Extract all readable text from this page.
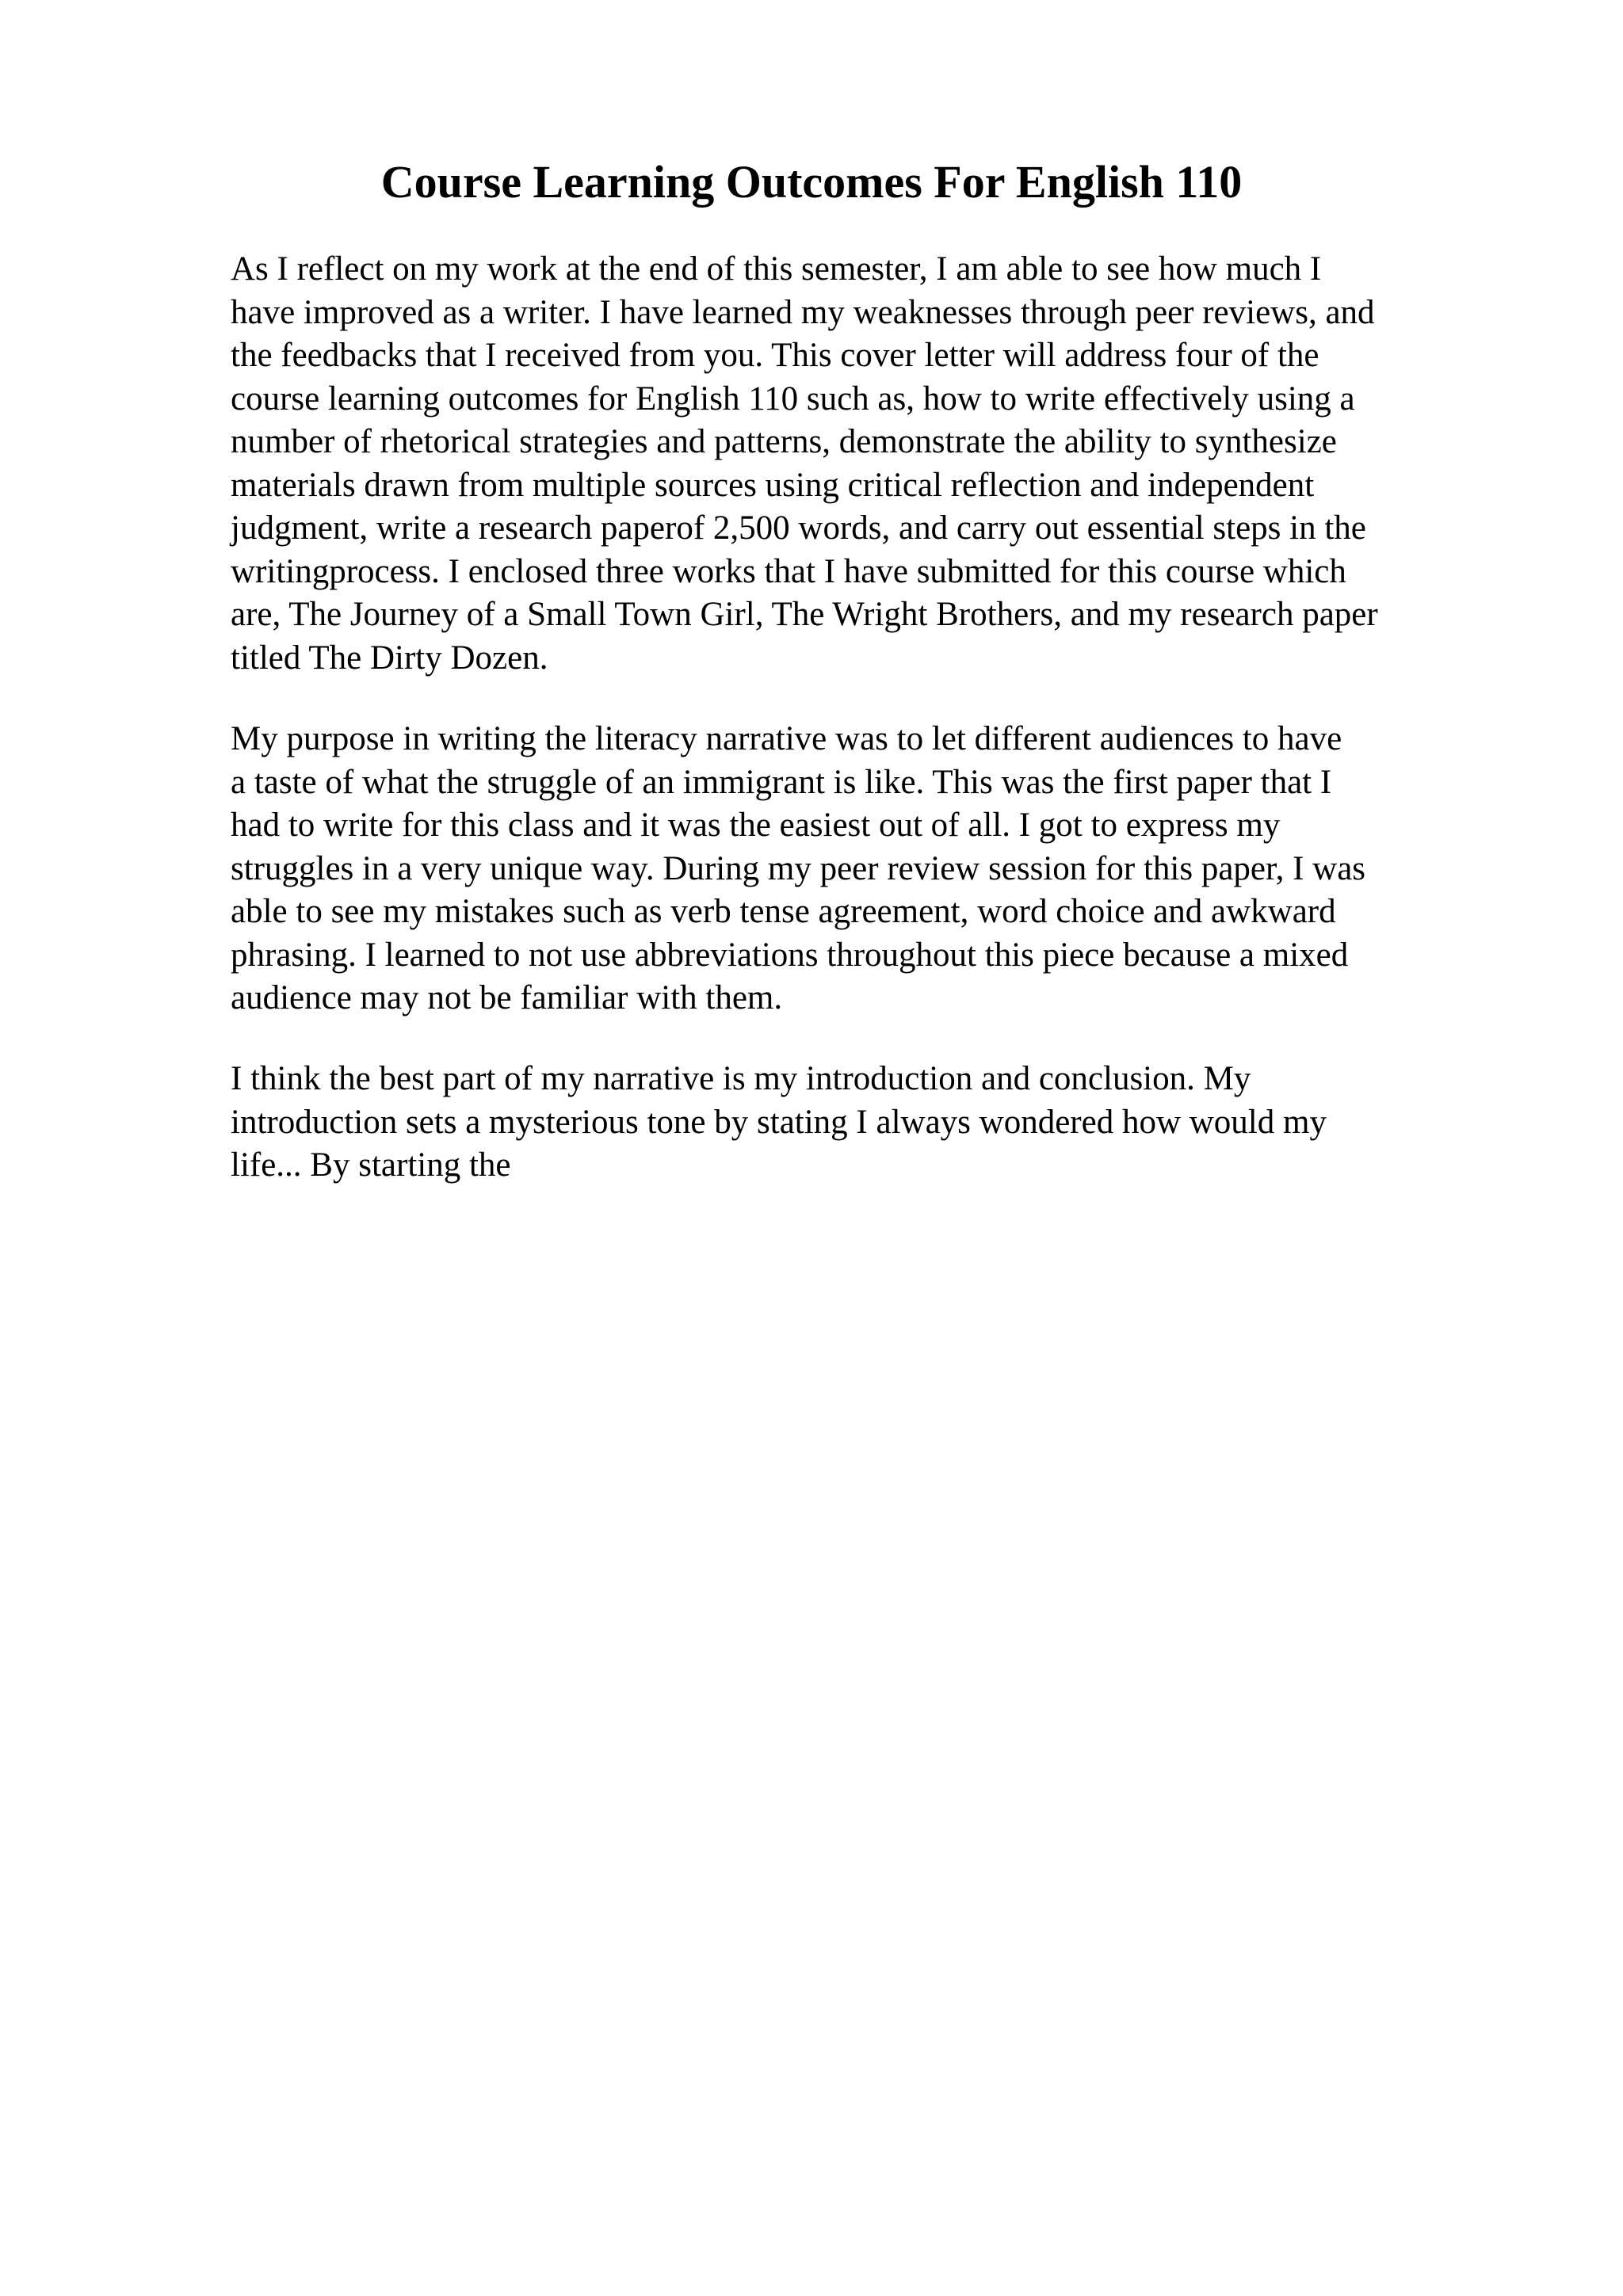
Course Learning Outcomes For English 110

As I reflect on my work at the end of this semester, I am able to see how much I
have improved as a writer. I have learned my weaknesses through peer reviews, and
the feedbacks that I received from you. This cover letter will address four of the
course learning outcomes for English 110 such as, how to write effectively using a
number of rhetorical strategies and patterns, demonstrate the ability to synthesize
materials drawn from multiple sources using critical reflection and independent
judgment, write a research paperof 2,500 words, and carry out essential steps in the
writingprocess. I enclosed three works that I have submitted for this course which
are, The Journey of a Small Town Girl, The Wright Brothers, and my research paper
titled The Dirty Dozen.

My purpose in writing the literacy narrative was to let different audiences to have
a taste of what the struggle of an immigrant is like. This was the first paper that I
had to write for this class and it was the easiest out of all. I got to express my
struggles in a very unique way. During my peer review session for this paper, I was
able to see my mistakes such as verb tense agreement, word choice and awkward
phrasing. I learned to not use abbreviations throughout this piece because a mixed
audience may not be familiar with them.

I think the best part of my narrative is my introduction and conclusion. My
introduction sets a mysterious tone by stating I always wondered how would my
life... By starting the
